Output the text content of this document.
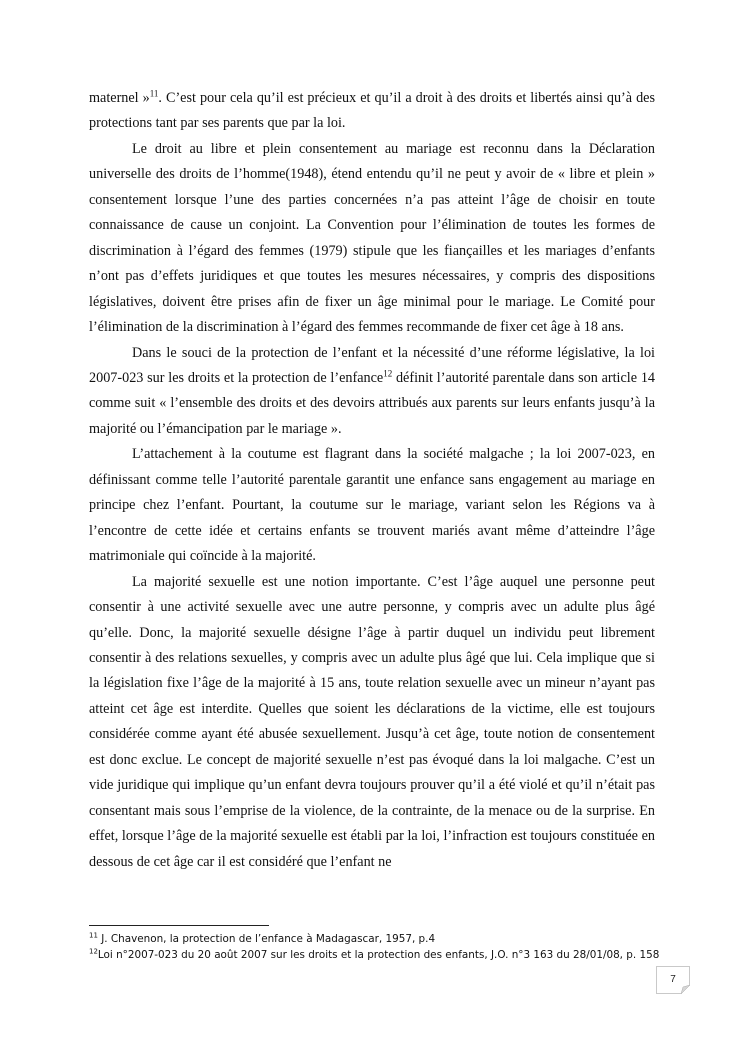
maternel »$^{11}$. C’est pour cela qu’il est précieux et qu’il a droit à des droits et libertés ainsi qu’à des protections tant par ses parents que par la loi.

Le droit au libre et plein consentement au mariage est reconnu dans la Déclaration universelle des droits de l’homme(1948), étend entendu qu’il ne peut y avoir de « libre et plein » consentement lorsque l’une des parties concernées n’a pas atteint l’âge de choisir en toute connaissance de cause un conjoint. La Convention pour l’élimination de toutes les formes de discrimination à l’égard des femmes (1979) stipule que les fiançailles et les mariages d’enfants n’ont pas d’effets juridiques et que toutes les mesures nécessaires, y compris des dispositions législatives, doivent être prises afin de fixer un âge minimal pour le mariage. Le Comité pour l’élimination de la discrimination à l’égard des femmes recommande de fixer cet âge à 18 ans.

Dans le souci de la protection de l’enfant et la nécessité d’une réforme législative, la loi 2007-023 sur les droits et la protection de l’enfance$^{12}$ définit l’autorité parentale dans son article 14 comme suit « l’ensemble des droits et des devoirs attribués aux parents sur leurs enfants jusqu’à la majorité ou l’émancipation par le mariage ».

L’attachement à la coutume est flagrant dans la société malgache ; la loi 2007-023, en définissant comme telle l’autorité parentale garantit une enfance sans engagement au mariage en principe chez l’enfant. Pourtant, la coutume sur le mariage, variant selon les Régions va à l’encontre de cette idée et certains enfants se trouvent mariés avant même d’atteindre l’âge matrimoniale qui coïncide à la majorité.

La majorité sexuelle est une notion importante. C’est l’âge auquel une personne peut consentir à une activité sexuelle avec une autre personne, y compris avec un adulte plus âgé qu’elle. Donc, la majorité sexuelle désigne l’âge à partir duquel un individu peut librement consentir à des relations sexuelles, y compris avec un adulte plus âgé que lui. Cela implique que si la législation fixe l’âge de la majorité à 15 ans, toute relation sexuelle avec un mineur n’ayant pas atteint cet âge est interdite. Quelles que soient les déclarations de la victime, elle est toujours considérée comme ayant été abusée sexuellement. Jusqu’à cet âge, toute notion de consentement est donc exclue. Le concept de majorité sexuelle n’est pas évoqué dans la loi malgache. C’est un vide juridique qui implique qu’un enfant devra toujours prouver qu’il a été violé et qu’il n’était pas consentant mais sous l’emprise de la violence, de la contrainte, de la menace ou de la surprise. En effet, lorsque l’âge de la majorité sexuelle est établi par la loi, l’infraction est toujours constituée en dessous de cet âge car il est considéré que l’enfant ne

$^{11}$ J. Chavenon, la protection de l’enfance à Madagascar, 1957, p.4
$^{12}$Loi n°2007-023 du 20 août 2007 sur les droits et la protection des enfants, J.O. n°3 163 du 28/01/08, p. 158
7
